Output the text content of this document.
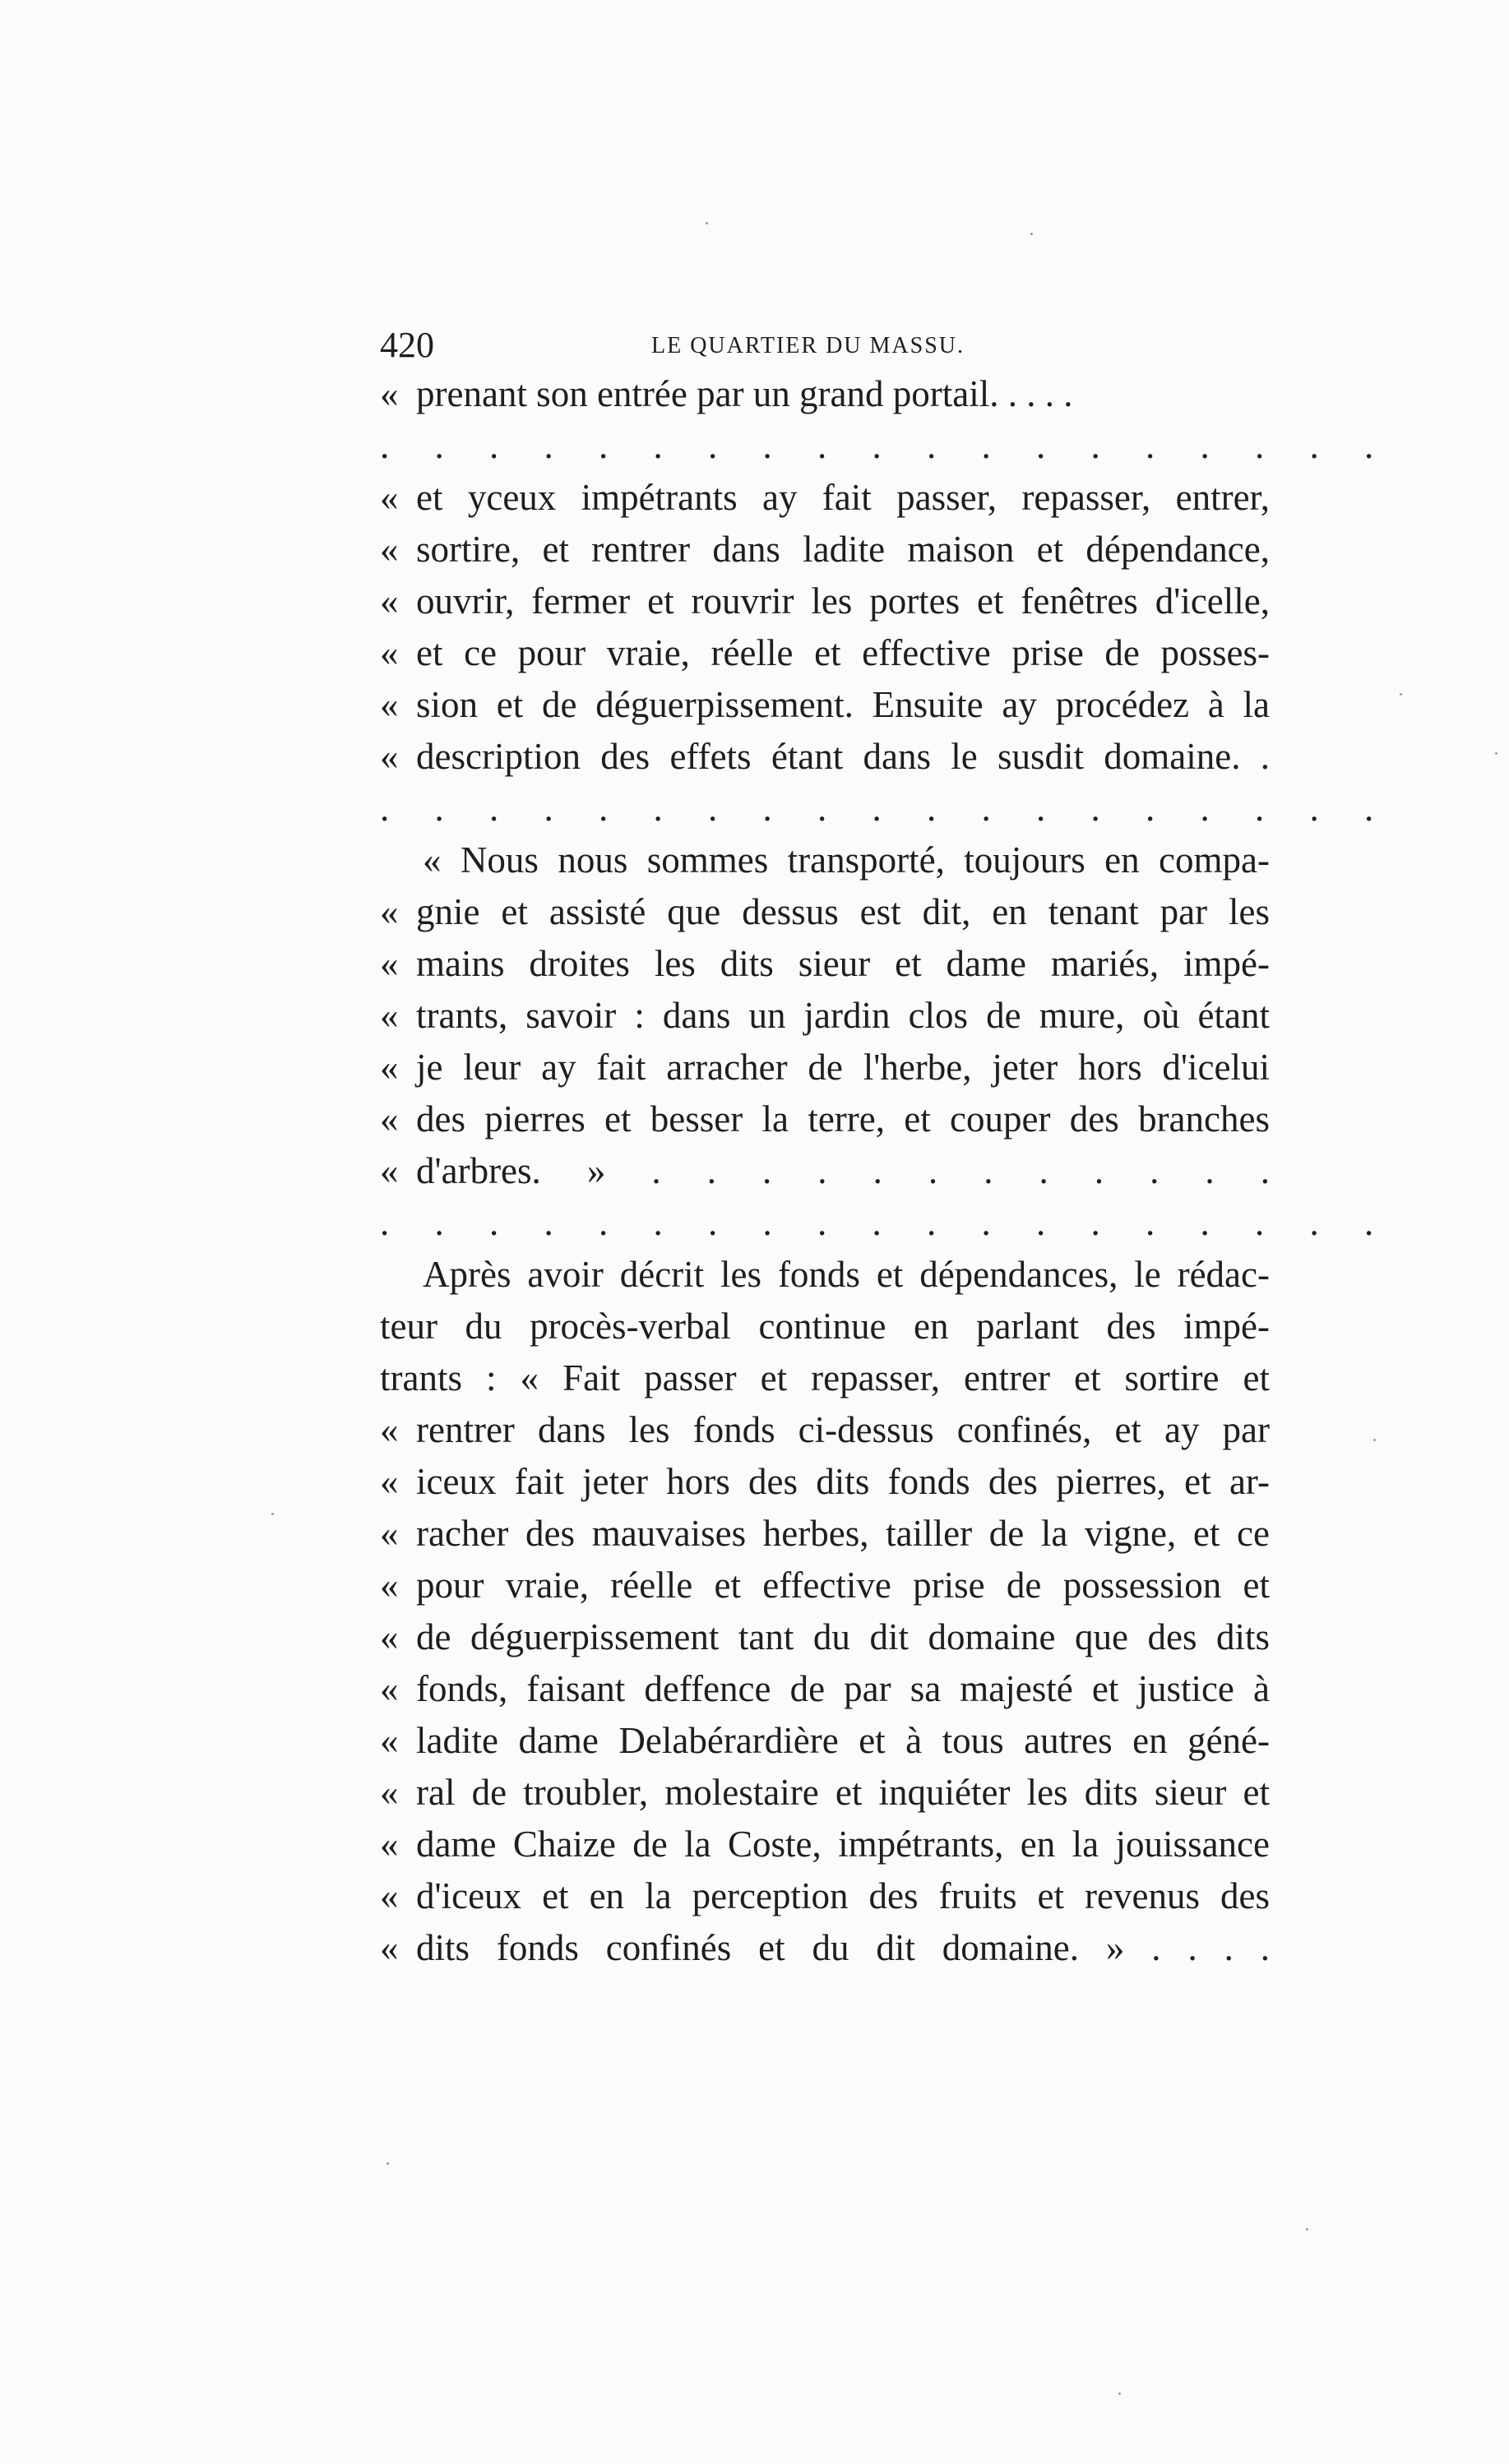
420	LE QUARTIER DU MASSU.
« prenant son entrée par un grand portail. . . . .
. . . . . . . . . . . . . . . . . . .
« et yceux impétrants ay fait passer, repasser, entrer,
« sortire, et rentrer dans ladite maison et dépendance,
« ouvrir, fermer et rouvrir les portes et fenêtres d'icelle,
« et ce pour vraie, réelle et effective prise de posses-
« sion et de déguerpissement. Ensuite ay procédez à la
« description des effets étant dans le susdit domaine. .
. . . . . . . . . . . . . . . . . . .
« Nous nous sommes transporté, toujours en compa-
« gnie et assisté que dessus est dit, en tenant par les
« mains droites les dits sieur et dame mariés, impé-
« trants, savoir : dans un jardin clos de mure, où étant
« je leur ay fait arracher de l'herbe, jeter hors d'icelui
« des pierres et besser la terre, et couper des branches
« d'arbres. » . . . . . . . . . . . .
. . . . . . . . . . . . . . . . . . .
Après avoir décrit les fonds et dépendances, le rédac-
teur du procès-verbal continue en parlant des impé-
trants : « Fait passer et repasser, entrer et sortire et
« rentrer dans les fonds ci-dessus confinés, et ay par
« iceux fait jeter hors des dits fonds des pierres, et ar-
« racher des mauvaises herbes, tailler de la vigne, et ce
« pour vraie, réelle et effective prise de possession et
« de déguerpissement tant du dit domaine que des dits
« fonds, faisant deffence de par sa majesté et justice à
« ladite dame Delabérardière et à tous autres en géné-
« ral de troubler, molestaire et inquiéter les dits sieur et
« dame Chaize de la Coste, impétrants, en la jouissance
« d'iceux et en la perception des fruits et revenus des
« dits fonds confinés et du dit domaine. » . . . .
